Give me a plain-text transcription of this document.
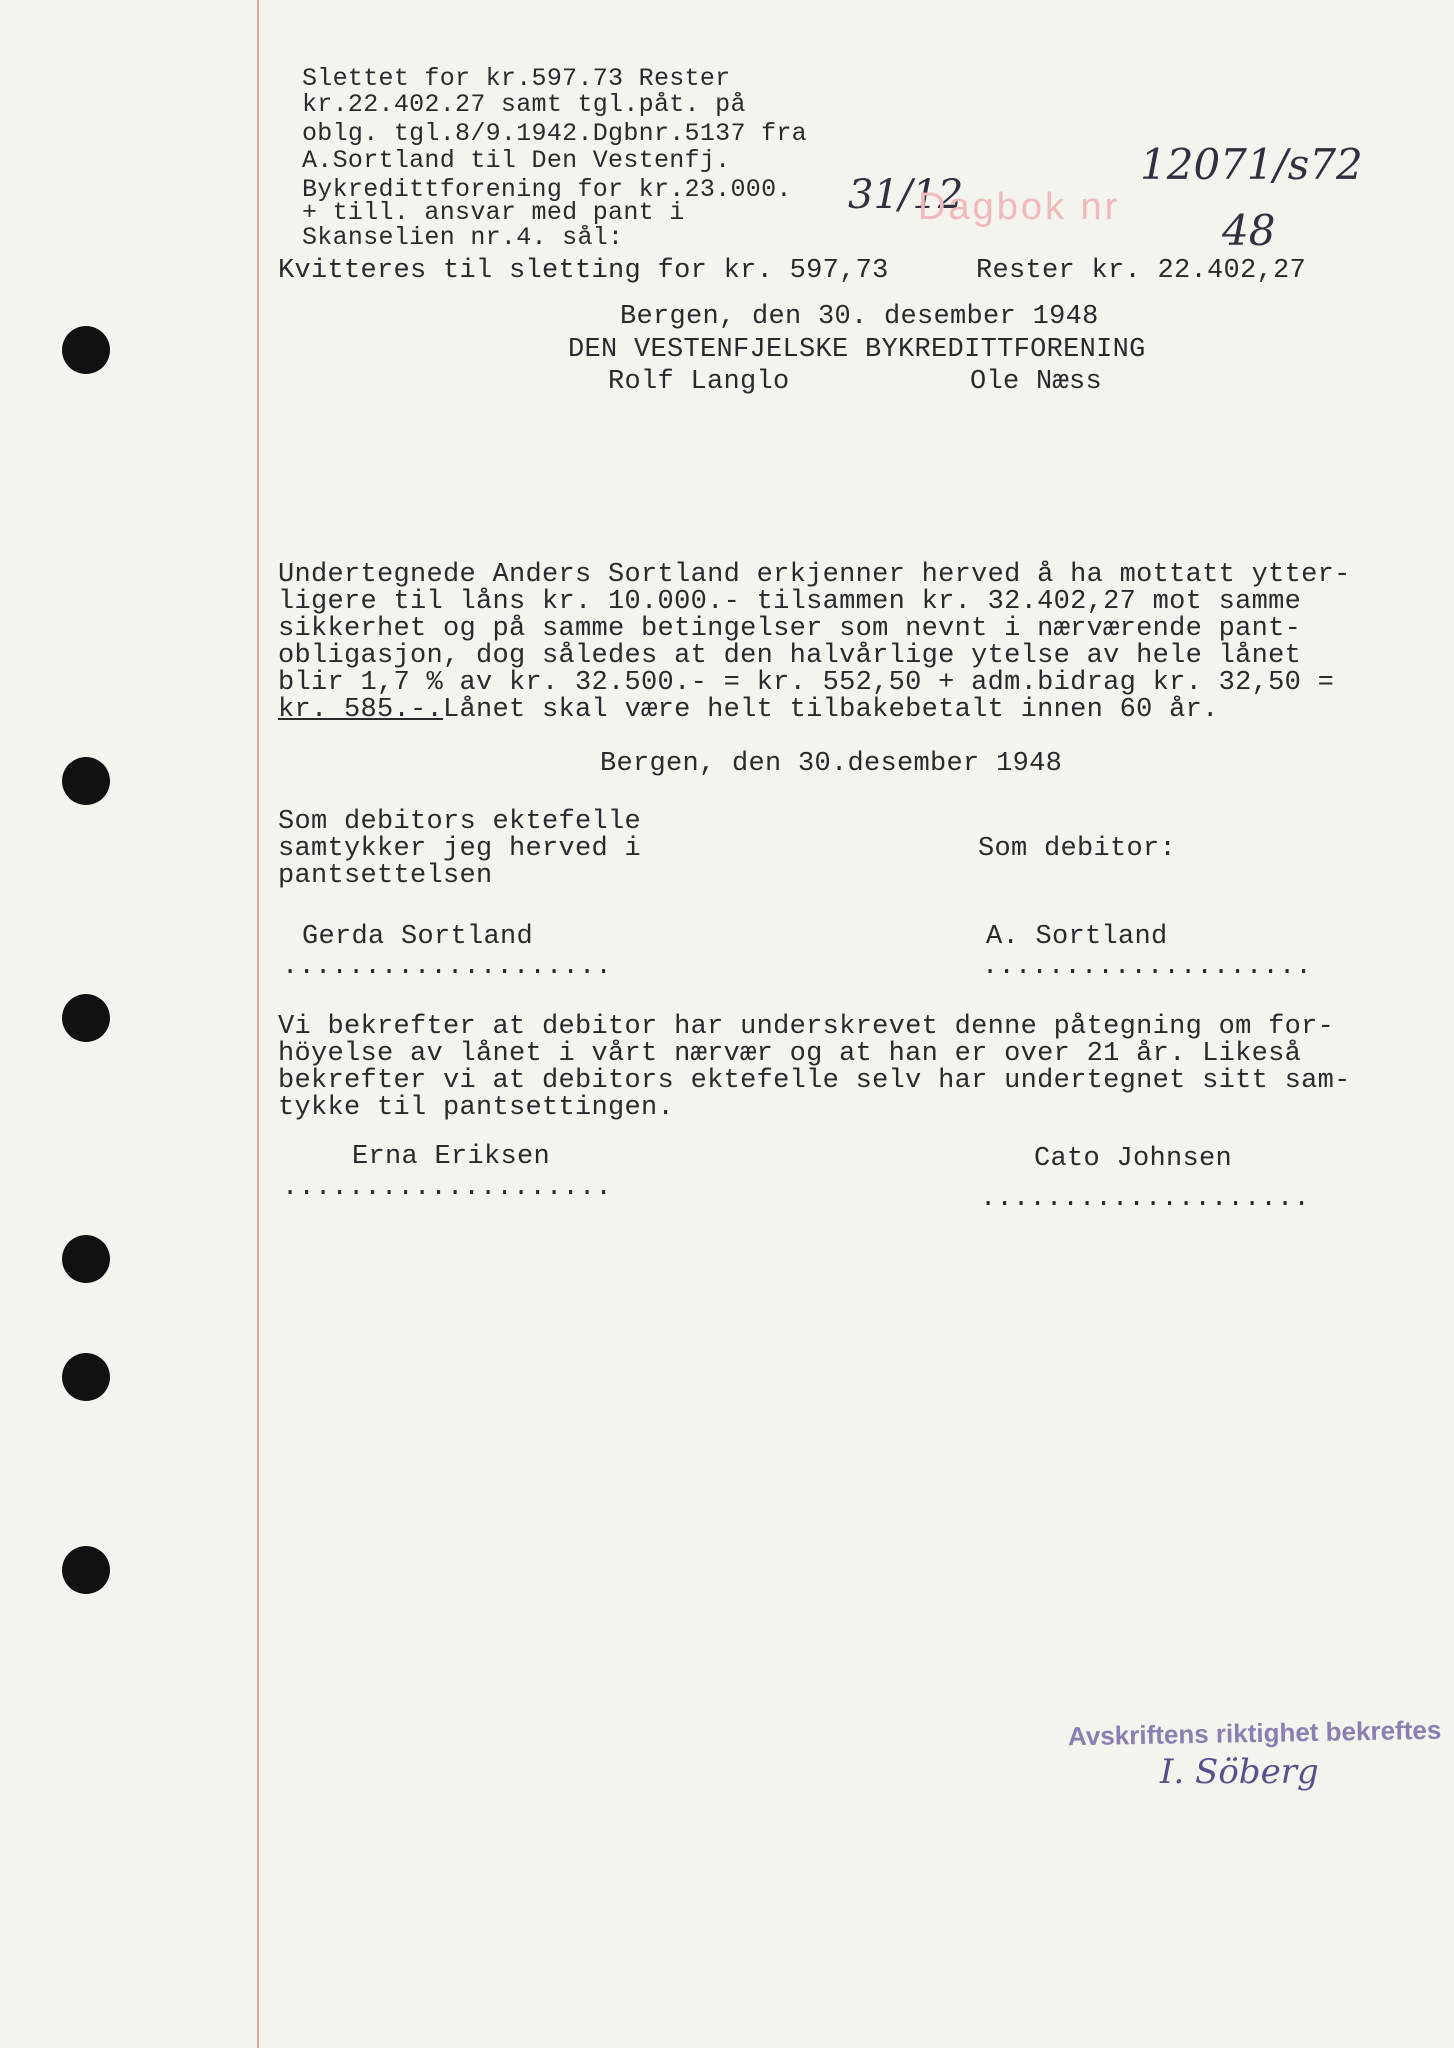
Slettet for kr.597.73 Rester
kr.22.402.27 samt tgl.påt. på
oblg. tgl.8/9.1942.Dgbnr.5137 fra
A.Sortland til Den Vestenfj.
Bykredittforening for kr.23.000.
+ till. ansvar med pant i
Skanselien nr.4. sål:
Kvitteres til sletting for kr. 597,73	Rester kr. 22.402,27
Bergen, den 30. desember 1948
DEN VESTENFJELSKE BYKREDITTFORENING
Rolf Langlo	Ole Næss
31/12
Dagbok nr
12071/s72
48
Undertegnede Anders Sortland erkjenner herved å ha mottatt ytter-
ligere til låns kr. 10.000.- tilsammen kr. 32.402,27 mot samme
sikkerhet og på samme betingelser som nevnt i nærværende pant-
obligasjon, dog således at den halvårlige ytelse av hele lånet
blir 1,7 % av kr. 32.500.- = kr. 552,50 + adm.bidrag kr. 32,50 =
kr. 585.-.Lånet skal være helt tilbakebetalt innen 60 år.
Bergen, den 30.desember 1948
Som debitors ektefelle
samtykker jeg herved i
pantsettelsen
Som debitor:
Gerda Sortland	A. Sortland
....................	....................
Vi bekrefter at debitor har underskrevet denne påtegning om for-
höyelse av lånet i vårt nærvær og at han er over 21 år. Likeså
bekrefter vi at debitors ektefelle selv har undertegnet sitt sam-
tykke til pantsettingen.
Erna Eriksen	Cato Johnsen
....................	....................
Avskriftens riktighet bekreftes
I. Söberg
